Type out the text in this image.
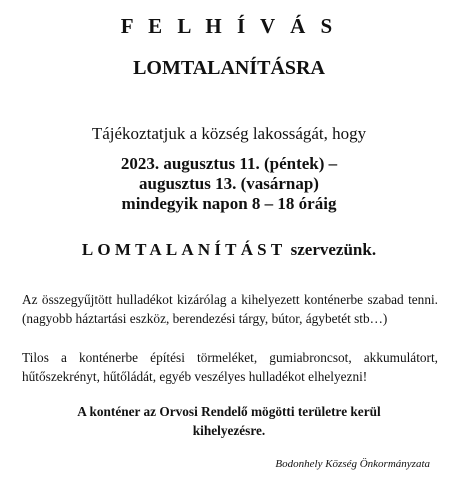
F E L H Í V Á S
LOMTALANÍTÁSRA
Tájékoztatjuk a község lakosságát, hogy
2023. augusztus 11. (péntek) –
augusztus 13. (vasárnap)
mindegyik napon 8 – 18 óráig
LOMTALANÍTÁST szervezünk.
Az összegyűjtött hulladékot kizárólag a kihelyezett konténerbe szabad tenni. (nagyobb háztartási eszköz, berendezési tárgy, bútor, ágybetét stb…)
Tilos a konténerbe építési törmeléket, gumiabroncsot, akkumulátort, hűtőszekrényt, hűtőládát, egyéb veszélyes hulladékot elhelyezni!
A konténer az Orvosi Rendelő mögötti területre kerül
kihelyezésre.
Bodonhely Község Önkormányzata
